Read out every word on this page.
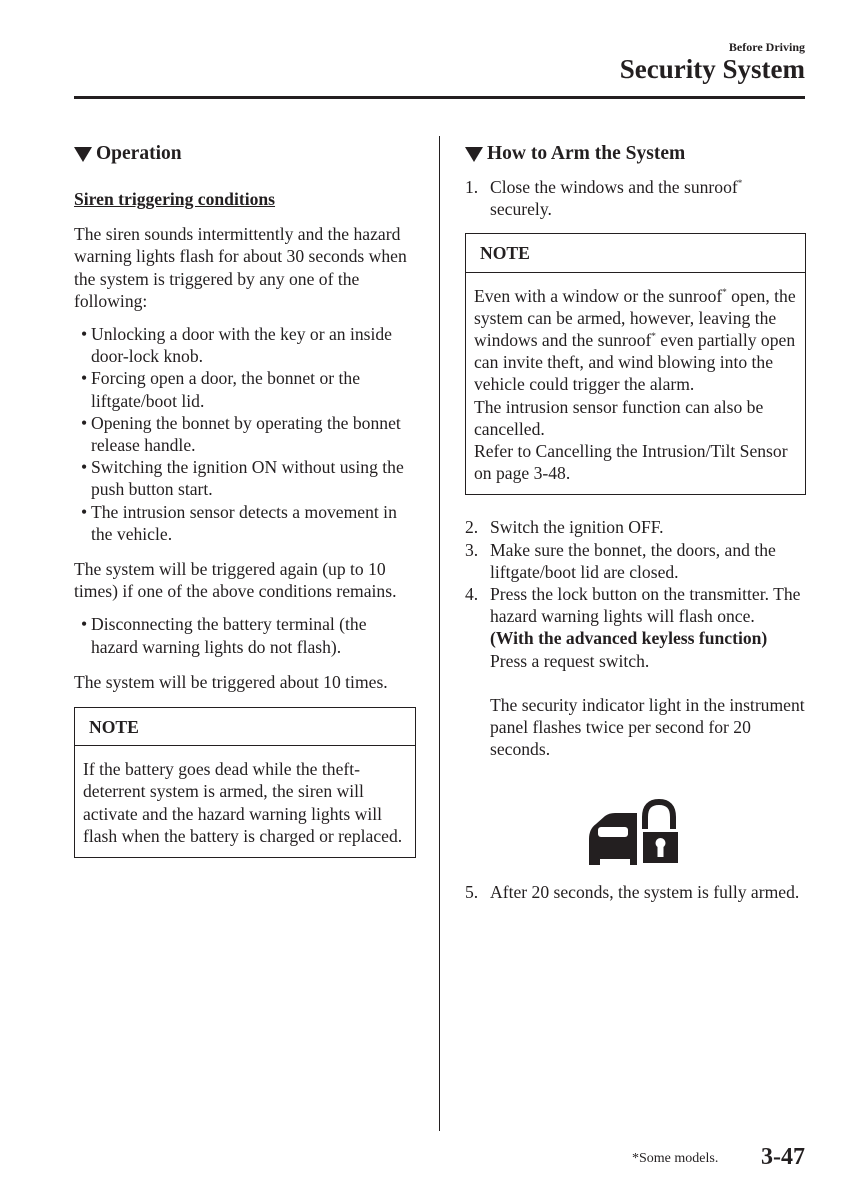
Before Driving
Security System
Operation
Siren triggering conditions

The siren sounds intermittently and the hazard warning lights flash for about 30 seconds when the system is triggered by any one of the following:

• Unlocking a door with the key or an inside door-lock knob.
• Forcing open a door, the bonnet or the liftgate/boot lid.
• Opening the bonnet by operating the bonnet release handle.
• Switching the ignition ON without using the push button start.
• The intrusion sensor detects a movement in the vehicle.

The system will be triggered again (up to 10 times) if one of the above conditions remains.

• Disconnecting the battery terminal (the hazard warning lights do not flash).

The system will be triggered about 10 times.

NOTE
If the battery goes dead while the theft-deterrent system is armed, the siren will activate and the hazard warning lights will flash when the battery is charged or replaced.
How to Arm the System
1. Close the windows and the sunroof* securely.
NOTE

Even with a window or the sunroof* open, the system can be armed, however, leaving the windows and the sunroof* even partially open can invite theft, and wind blowing into the vehicle could trigger the alarm.

The intrusion sensor function can also be cancelled.

Refer to Cancelling the Intrusion/Tilt Sensor on page 3-48.

2. Switch the ignition OFF.
3. Make sure the bonnet, the doors, and the liftgate/boot lid are closed.
4. Press the lock button on the transmitter. The hazard warning lights will flash once.
(With the advanced keyless function)
Press a request switch.

The security indicator light in the instrument panel flashes twice per second for 20 seconds.
5. After 20 seconds, the system is fully armed.
*Some models. 3-47
